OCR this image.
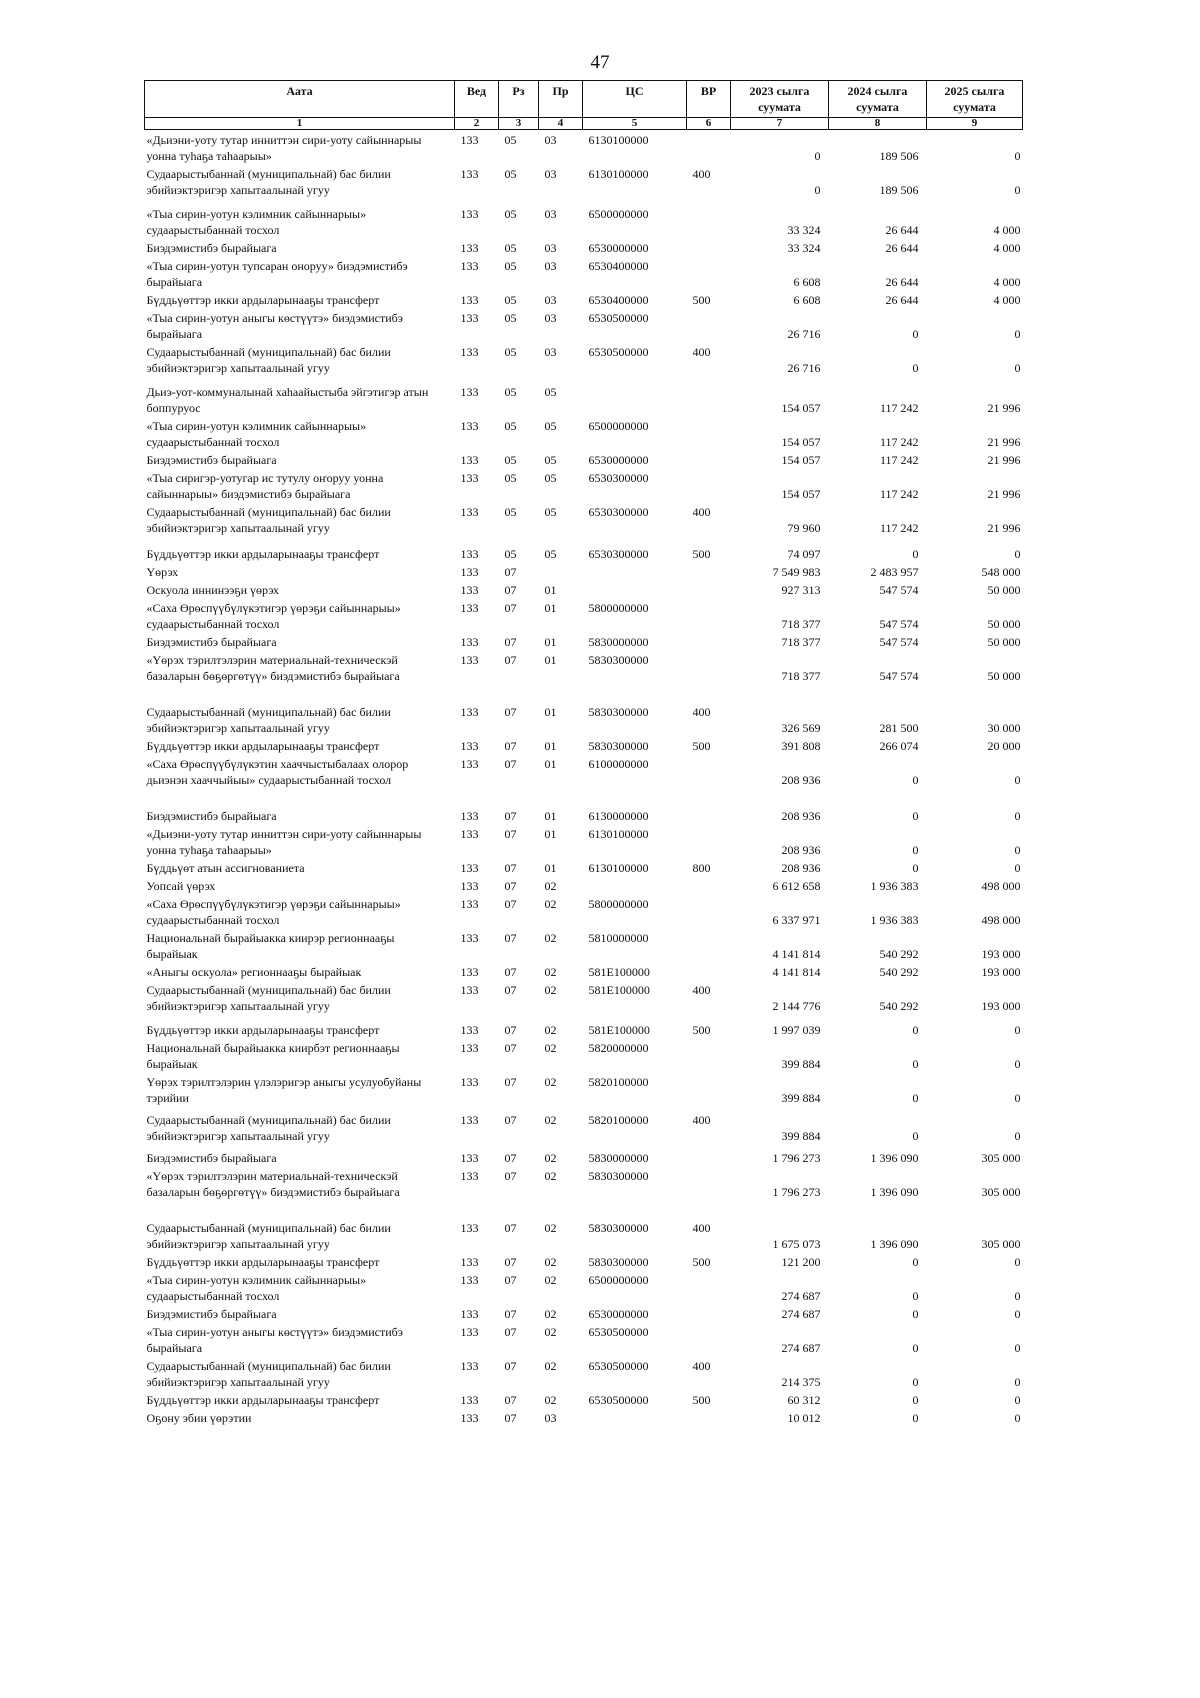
47
Аата	Вед	Рз	Пр	ЦС	ВР	2023 сылга суумата	2024 сылга суумата	2025 сылга суумата
1	2	3	4	5	6	7	8	9
«Дьиэни-уоту тутар инниттэн сири-уоту сайыннарыы уонна туһаҕа таһаарыы»	133	05	03	6130100000		0	189 506	0
Судаарыстыбаннай (муниципальнай) бас билии эбийиэктэригэр хапытаалынай угуу	133	05	03	6130100000	400	0	189 506	0
«Тыа сирин-уотун кэлимник сайыннарыы» судаарыстыбаннай тосхол	133	05	03	6500000000		33 324	26 644	4 000
Биэдэмистибэ бырайыага	133	05	03	6530000000		33 324	26 644	4 000
«Тыа сирин-уотун тупсаран оноруу» биэдэмистибэ бырайыага	133	05	03	6530400000		6 608	26 644	4 000
Бүддьүөттэр икки ардыларынааҕы трансферт	133	05	03	6530400000	500	6 608	26 644	4 000
«Тыа сирин-уотун аныгы көстүүтэ» биэдэмистибэ бырайыага	133	05	03	6530500000		26 716	0	0
Судаарыстыбаннай (муниципальнай) бас билии эбийиэктэригэр хапытаалынай угуу	133	05	03	6530500000	400	26 716	0	0
Дьиэ-уот-коммуналынай хаһаайыстыба эйгэтигэр атын боппуруос	133	05	05			154 057	117 242	21 996
«Тыа сирин-уотун кэлимник сайыннарыы» судаарыстыбаннай тосхол	133	05	05	6500000000		154 057	117 242	21 996
Биэдэмистибэ бырайыага	133	05	05	6530000000		154 057	117 242	21 996
«Тыа сиригэр-уотугар ис тутулу оҥоруу уонна сайыннарыы» биэдэмистибэ бырайыага	133	05	05	6530300000		154 057	117 242	21 996
Судаарыстыбаннай (муниципальнай) бас билии эбийиэктэригэр хапытаалынай угуу	133	05	05	6530300000	400	79 960	117 242	21 996
Бүддьүөттэр икки ардыларынааҕы трансферт	133	05	05	6530300000	500	74 097	0	0
Үөрэх	133	07				7 549 983	2 483 957	548 000
Оскуола иннинээҕи үөрэх	133	07	01			927 313	547 574	50 000
«Саха Өрөспүүбүлүкэтигэр үөрэҕи сайыннарыы» судаарыстыбаннай тосхол	133	07	01	5800000000		718 377	547 574	50 000
Биэдэмистибэ бырайыага	133	07	01	5830000000		718 377	547 574	50 000
«Үөрэх тэрилтэлэрин материальнай-техническэй базаларын бөҕөргөтүү» биэдэмистибэ бырайыага	133	07	01	5830300000		718 377	547 574	50 000
Судаарыстыбаннай (муниципальнай) бас билии эбийиэктэригэр хапытаалынай угуу	133	07	01	5830300000	400	326 569	281 500	30 000
Бүддьүөттэр икки ардыларынааҕы трансферт	133	07	01	5830300000	500	391 808	266 074	20 000
«Саха Өрөспүүбүлүкэтин хааччыстыбалаах олорор дьиэнэн хааччыйыы» судаарыстыбаннай тосхол	133	07	01	6100000000		208 936	0	0
Биэдэмистибэ бырайыага	133	07	01	6130000000		208 936	0	0
«Дьиэни-уоту тутар инниттэн сири-уоту сайыннарыы уонна туһаҕа таһаарыы»	133	07	01	6130100000		208 936	0	0
Бүддьүөт атын ассигнованиета	133	07	01	6130100000	800	208 936	0	0
Уопсай үөрэх	133	07	02			6 612 658	1 936 383	498 000
«Саха Өрөспүүбүлүкэтигэр үөрэҕи сайыннарыы» судаарыстыбаннай тосхол	133	07	02	5800000000		6 337 971	1 936 383	498 000
Национальнай бырайыакка киирэр регионнааҕы бырайыак	133	07	02	5810000000		4 141 814	540 292	193 000
«Аныгы оскуола» регионнааҕы бырайыак	133	07	02	581Е100000		4 141 814	540 292	193 000
Судаарыстыбаннай (муниципальнай) бас билии эбийиэктэригэр хапытаалынай угуу	133	07	02	581Е100000	400	2 144 776	540 292	193 000
Бүддьүөттэр икки ардыларынааҕы трансферт	133	07	02	581Е100000	500	1 997 039	0	0
Национальнай бырайыакка киирбэт регионнааҕы бырайыак	133	07	02	5820000000		399 884	0	0
Үөрэх тэрилтэлэрин үлэлэригэр аныгы усулуобуйаны тэрийии	133	07	02	5820100000		399 884	0	0
Судаарыстыбаннай (муниципальнай) бас билии эбийиэктэригэр хапытаалынай угуу	133	07	02	5820100000	400	399 884	0	0
Биэдэмистибэ бырайыага	133	07	02	5830000000		1 796 273	1 396 090	305 000
«Үөрэх тэрилтэлэрин материальнай-техническэй базаларын бөҕөргөтүү» биэдэмистибэ бырайыага	133	07	02	5830300000		1 796 273	1 396 090	305 000
Судаарыстыбаннай (муниципальнай) бас билии эбийиэктэригэр хапытаалынай угуу	133	07	02	5830300000	400	1 675 073	1 396 090	305 000
Бүддьүөттэр икки ардыларынааҕы трансферт	133	07	02	5830300000	500	121 200	0	0
«Тыа сирин-уотун кэлимник сайыннарыы» судаарыстыбаннай тосхол	133	07	02	6500000000		274 687	0	0
Биэдэмистибэ бырайыага	133	07	02	6530000000		274 687	0	0
«Тыа сирин-уотун аныгы көстүүтэ» биэдэмистибэ бырайыага	133	07	02	6530500000		274 687	0	0
Судаарыстыбаннай (муниципальнай) бас билии эбийиэктэригэр хапытаалынай угуу	133	07	02	6530500000	400	214 375	0	0
Бүддьүөттэр икки ардыларынааҕы трансферт	133	07	02	6530500000	500	60 312	0	0
Оҕону эбии үөрэтии	133	07	03			10 012	0	0
